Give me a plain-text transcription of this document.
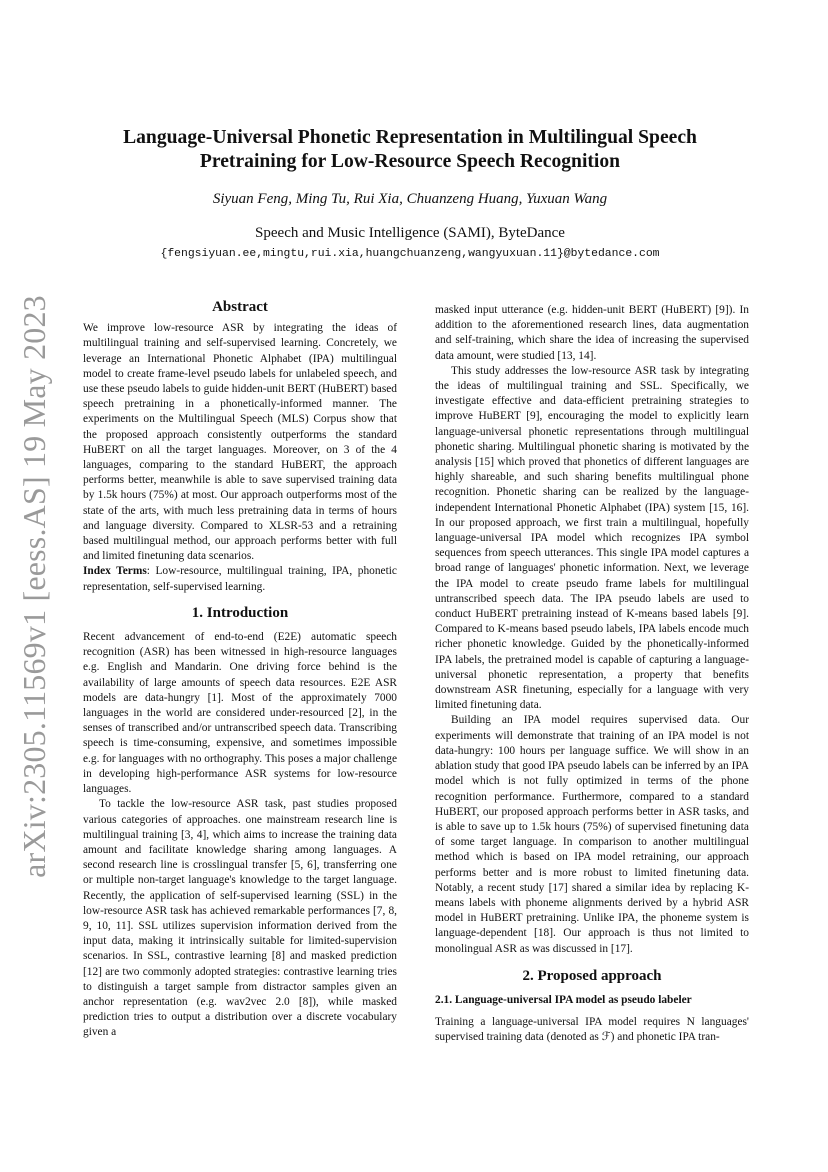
arXiv:2305.11569v1 [eess.AS] 19 May 2023
Language-Universal Phonetic Representation in Multilingual Speech
Pretraining for Low-Resource Speech Recognition
Siyuan Feng, Ming Tu, Rui Xia, Chuanzeng Huang, Yuxuan Wang
Speech and Music Intelligence (SAMI), ByteDance
{fengsiyuan.ee,mingtu,rui.xia,huangchuanzeng,wangyuxuan.11}@bytedance.com
Abstract

We improve low-resource ASR by integrating the ideas of multilingual training and self-supervised learning. Concretely, we leverage an International Phonetic Alphabet (IPA) multilingual model to create frame-level pseudo labels for unlabeled speech, and use these pseudo labels to guide hidden-unit BERT (HuBERT) based speech pretraining in a phonetically-informed manner. The experiments on the Multilingual Speech (MLS) Corpus show that the proposed approach consistently outperforms the standard HuBERT on all the target languages. Moreover, on 3 of the 4 languages, comparing to the standard HuBERT, the approach performs better, meanwhile is able to save supervised training data by 1.5k hours (75%) at most. Our approach outperforms most of the state of the arts, with much less pretraining data in terms of hours and language diversity. Compared to XLSR-53 and a retraining based multilingual method, our approach performs better with full and limited finetuning data scenarios.

Index Terms: Low-resource, multilingual training, IPA, phonetic representation, self-supervised learning.

1. Introduction

Recent advancement of end-to-end (E2E) automatic speech recognition (ASR) has been witnessed in high-resource languages e.g. English and Mandarin. One driving force behind is the availability of large amounts of speech data resources. E2E ASR models are data-hungry [1]. Most of the approximately 7000 languages in the world are considered under-resourced [2], in the senses of transcribed and/or untranscribed speech data. Transcribing speech is time-consuming, expensive, and sometimes impossible e.g. for languages with no orthography. This poses a major challenge in developing high-performance ASR systems for low-resource languages.

To tackle the low-resource ASR task, past studies proposed various categories of approaches. one mainstream research line is multilingual training [3, 4], which aims to increase the training data amount and facilitate knowledge sharing among languages. A second research line is crosslingual transfer [5, 6], transferring one or multiple non-target language's knowledge to the target language. Recently, the application of self-supervised learning (SSL) in the low-resource ASR task has achieved remarkable performances [7, 8, 9, 10, 11]. SSL utilizes supervision information derived from the input data, making it intrinsically suitable for limited-supervision scenarios. In SSL, contrastive learning [8] and masked prediction [12] are two commonly adopted strategies: contrastive learning tries to distinguish a target sample from distractor samples given an anchor representation (e.g. wav2vec 2.0 [8]), while masked prediction tries to output a distribution over a discrete vocabulary given a

masked input utterance (e.g. hidden-unit BERT (HuBERT) [9]). In addition to the aforementioned research lines, data augmentation and self-training, which share the idea of increasing the supervised data amount, were studied [13, 14].

This study addresses the low-resource ASR task by integrating the ideas of multilingual training and SSL. Specifically, we investigate effective and data-efficient pretraining strategies to improve HuBERT [9], encouraging the model to explicitly learn language-universal phonetic representations through multilingual phonetic sharing. Multilingual phonetic sharing is motivated by the analysis [15] which proved that phonetics of different languages are highly shareable, and such sharing benefits multilingual phone recognition. Phonetic sharing can be realized by the language-independent International Phonetic Alphabet (IPA) system [15, 16]. In our proposed approach, we first train a multilingual, hopefully language-universal IPA model which recognizes IPA symbol sequences from speech utterances. This single IPA model captures a broad range of languages' phonetic information. Next, we leverage the IPA model to create pseudo frame labels for multilingual untranscribed speech data. The IPA pseudo labels are used to conduct HuBERT pretraining instead of K-means based labels [9]. Compared to K-means based pseudo labels, IPA labels encode much richer phonetic knowledge. Guided by the phonetically-informed IPA labels, the pretrained model is capable of capturing a language-universal phonetic representation, a property that benefits downstream ASR finetuning, especially for a language with very limited finetuning data.

Building an IPA model requires supervised data. Our experiments will demonstrate that training of an IPA model is not data-hungry: 100 hours per language suffice. We will show in an ablation study that good IPA pseudo labels can be inferred by an IPA model which is not fully optimized in terms of the phone recognition performance. Furthermore, compared to a standard HuBERT, our proposed approach performs better in ASR tasks, and is able to save up to 1.5k hours (75%) of supervised finetuning data of some target language. In comparison to another multilingual method which is based on IPA model retraining, our approach performs better and is more robust to limited finetuning data. Notably, a recent study [17] shared a similar idea by replacing K-means labels with phoneme alignments derived by a hybrid ASR model in HuBERT pretraining. Unlike IPA, the phoneme system is language-dependent [18]. Our approach is thus not limited to monolingual ASR as was discussed in [17].

2. Proposed approach
2.1. Language-universal IPA model as pseudo labeler

Training a language-universal IPA model requires N languages' supervised training data (denoted as ℱ) and phonetic IPA tran-
